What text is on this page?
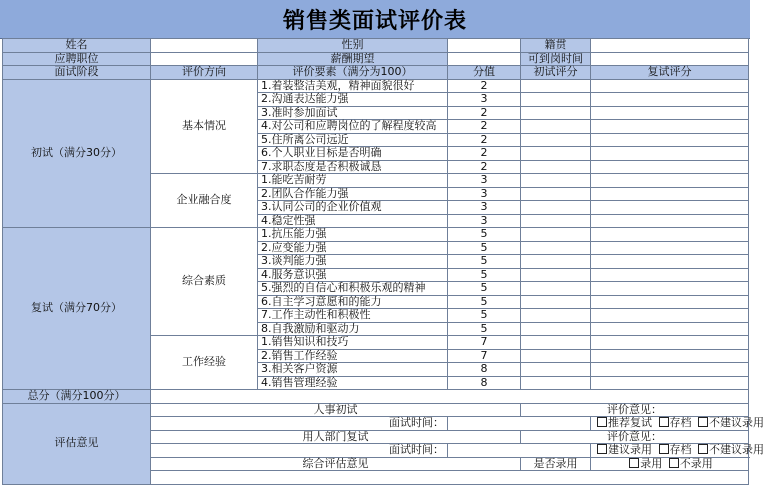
销售类面试评价表
姓名		性别		籍贯	
应聘职位		薪酬期望		可到岗时间	
面试阶段	评价方向	评价要素（满分为100）	分值	初试评分	复试评分
初试（满分30分）	基本情况	1.着装整洁美观，精神面貌很好	2		
		2.沟通表达能力强	3		
		3.准时参加面试	2		
		4.对公司和应聘岗位的了解程度较高	2		
		5.住所离公司远近	2		
		6.个人职业目标是否明确	2		
		7.求职态度是否积极诚恳	2		
	企业融合度	1.能吃苦耐劳	3		
		2.团队合作能力强	3		
		3.认同公司的企业价值观	3		
		4.稳定性强	3		
复试（满分70分）	综合素质	1.抗压能力强	5		
		2.应变能力强	5		
		3.谈判能力强	5		
		4.服务意识强	5		
		5.强烈的自信心和积极乐观的精神	5		
		6.自主学习意愿和的能力	5		
		7.工作主动性和积极性	5		
		8.自我激励和驱动力	5		
	工作经验	1.销售知识和技巧	7		
		2.销售工作经验	7		
		3.相关客户资源	8		
		4.销售管理经验	8		
总分（满分100分）					
评估意见	人事初试			评价意见：	
	面试时间：				推荐复试 存档 不建议录用
	用人部门复试			评价意见：	
	面试时间：				建议录用 存档 不建议录用
	综合评估意见			是否录用	录用 不录用
